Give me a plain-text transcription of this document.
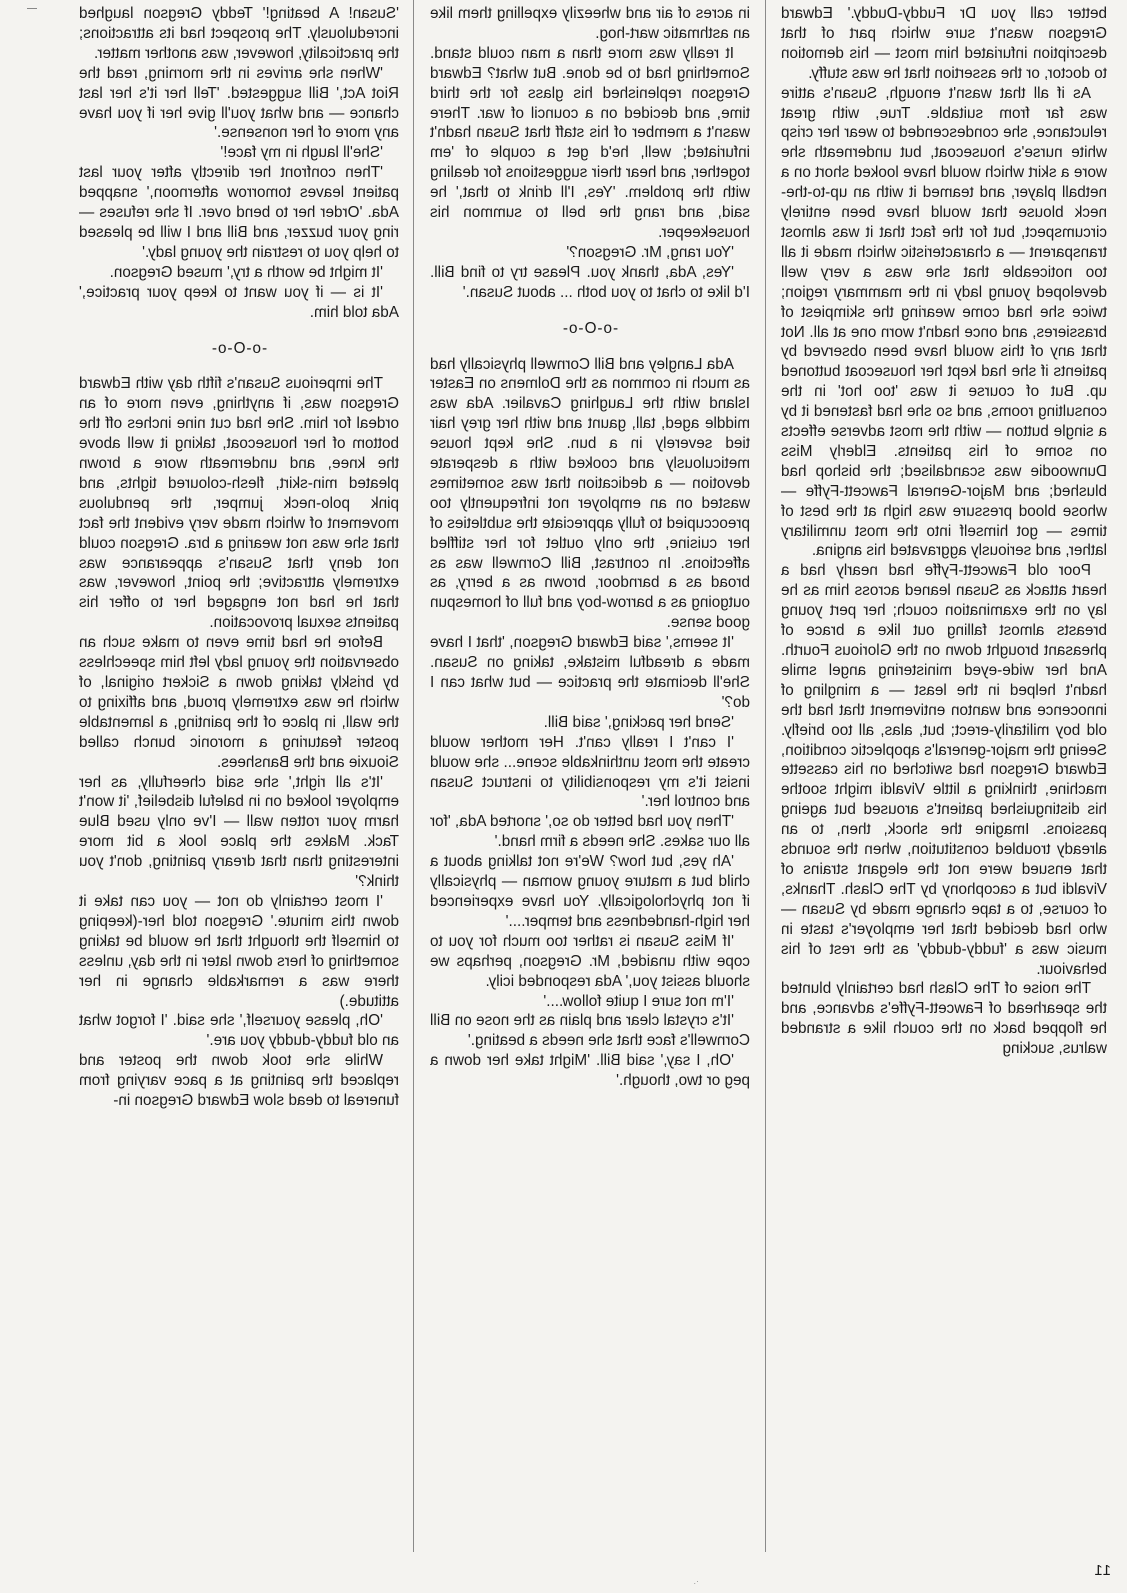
better call you Dr Fuddy-Duddy.' Edward Gregson wasn't sure which part of that description infuriated him most — his demotion to doctor, or the assertion that he was stuffy.

As if all that wasn't enough, Susan's attire was far from suitable. True, with great reluctance, she condescended to wear her crisp white nurse's housecoat, but underneath she wore a skirt which would have looked short on a netball player, and teamed it with an up-to-the-neck blouse that would have been entirely circumspect, but for the fact that it was almost transparent — a characteristic which made it all too noticeable that she was a very well developed young lady in the mammary region; twice she had come wearing the skimpiest of brassieres, and once hadn't worn one at all. Not that any of this would have been observed by patients if she had kept her housecoat buttoned up. But of course it was 'too hot' in the consulting rooms, and so she had fastened it by a single button — with the most adverse effects on some of his patients. Elderly Miss Dunwoodie was scandalised; the bishop had blushed; and Major-General Fawcett-Fyffe — whose blood pressure was high at the best of times — got himself into the most unmilitary lather, and seriously aggravated his angina.

Poor old Fawcett-Fyffe had nearly had a heart attack as Susan leaned across him as he lay on the examination couch; her pert young breasts almost falling out like a brace of pheasant brought down on the Glorious Fourth. And her wide-eyed ministering angel smile hadn't helped in the least — a mingling of innocence and wanton entivement that had the old boy militarily-erect; but, alas, all too briefly. Seeing the major-general's apoplectic condition, Edward Gregson had switched on his cassette machine, thinking a little Vivaldi might soothe his distinguished patient's aroused but ageing passions. Imagine the shock, then, to an already troubled constitution, when the sounds that ensued were not the elegant strains of Vivaldi but a cacophony by The Clash. Thanks, of course, to a tape change made by Susan — who had decided that her employer's taste in music was a 'fuddy-duddy' as the rest of his behaviour.

The noise of The Clash had certainly blunted the spearhead of Fawcett-Fyffe's advance, and he flopped back on the couch like a stranded walrus, sucking

in acres of air and wheezily expelling them like an asthmatic wart-hog.

It really was more than a man could stand. Something had to be done. But what? Edward Gregson replenished his glass for the third time, and decided on a council of war. There wasn't a member of his staff that Susan hadn't infuriated; well, he'd get a couple of 'em together, and hear their suggestions for dealing with the problem. 'Yes, I'll drink to that,' he said, and rang the bell to summon his housekeeper.

'You rang, Mr. Gregson?'

'Yes, Ada, thank you. Please try to find Bill. I'd like to chat to you both ... about Susan.'

-o-O-o-

Ada Langley and Bill Cornwell physically had as much in common as the Dolmens on Easter Island with the Laughing Cavalier. Ada was middle aged, tall, gaunt and with her grey hair tied severely in a bun. She kept house meticulously and cooked with a desperate devotion — a dedication that was sometimes wasted on an employer not infrequently too preoccupied to fully appreciate the subtleties of her cuisine, the only outlet for her stiffled affections. In contrast, Bill Cornwell was as broad as a barndoor, brown as a berry, as outgoing as a barrow-boy and full of homespun good sense.

'It seems,' said Edward Gregson, 'that I have made a dreadful mistake, taking on Susan. She'll decimate the practice — but what can I do?'

'Send her packing,' said Bill.

'I can't I really can't. Her mother would create the most unthinkable scene... she would insist it's my responsibility to instruct Susan and control her.'

'Then you had better do so,' snorted Ada, 'for all our sakes. She needs a firm hand.'

'Ah yes, but how? We're not talking about a child but a mature young woman — physically if not phychologically. You have experienced her high-handedness and temper....'

'If Miss Susan is rather too much for you to cope with unaided, Mr. Gregson, perhaps we should assist you,' Ada responded icily.

'I'm not sure I quite follow....'

'It's crystal clear and plain as the nose on Bill Cornwell's face that she needs a beating.'

'Oh, I say,' said Bill. 'Might take her down a peg or two, though.'

'Susan! A beating!' Teddy Gregson laughed incredulously. The prospect had its attractions; the practicality, however, was another matter.

'When she arrives in the morning, read the Riot Act,' Bill suggested. 'Tell her it's her last chance — and what you'll give her if you have any more of her nonsense.'

'She'll laugh in my face!'

'Then confront her directly after your last patient leaves tomorrow afternoon,' snapped Ada. 'Order her to bend over. If she refuses — ring your buzzer, and Bill and I will be pleased to help you to restrain the young lady.'

'It might be worth a try,' mused Gregson.

'It is — if you want to keep your practice,' Ada told him.

-o-O-o-

The imperious Susan's fifth day with Edward Gregson was, if anything, even more of an ordeal for him. She had cut nine inches off the bottom of her housecoat, taking it well above the knee, and underneath wore a brown pleated min-skirt, flesh-coloured tights, and pink polo-neck jumper, the pendulous movement of which made very evident the fact that she was not wearing a bra. Gregson could not deny that Susan's appearance was extremely attractive; the point, however, was that he had not engaged her to offer his patients sexual provocation.

Before he had time even to make such an observation the young lady left him speechless by briskly taking down a Sickert original, of which he was extremely proud, and affixing to the wall, in place of the painting, a lamentable poster featuring a moronic bunch called Siouxie and the Banshees.

'It's all right,' she said cheerfully, as her employer looked on in baleful disbelief, 'it won't harm your rotten wall — I've only used Blue Tack. Makes the place look a bit more interesting than that dreary painting, don't you think?'

'I most certainly do not — you can take it down this minute.' Gregson told her-(keeping to himself the thought that he would be taking something of hers down later in the day, unless there was a remarkable change in her attitude.)

'Oh, please yourself,' she said. 'I forgot what an old fuddy-duddy you are.'

While she took down the poster and replaced the painting at a pace varying from funereal to dead slow Edward Gregson in-

·.
11
